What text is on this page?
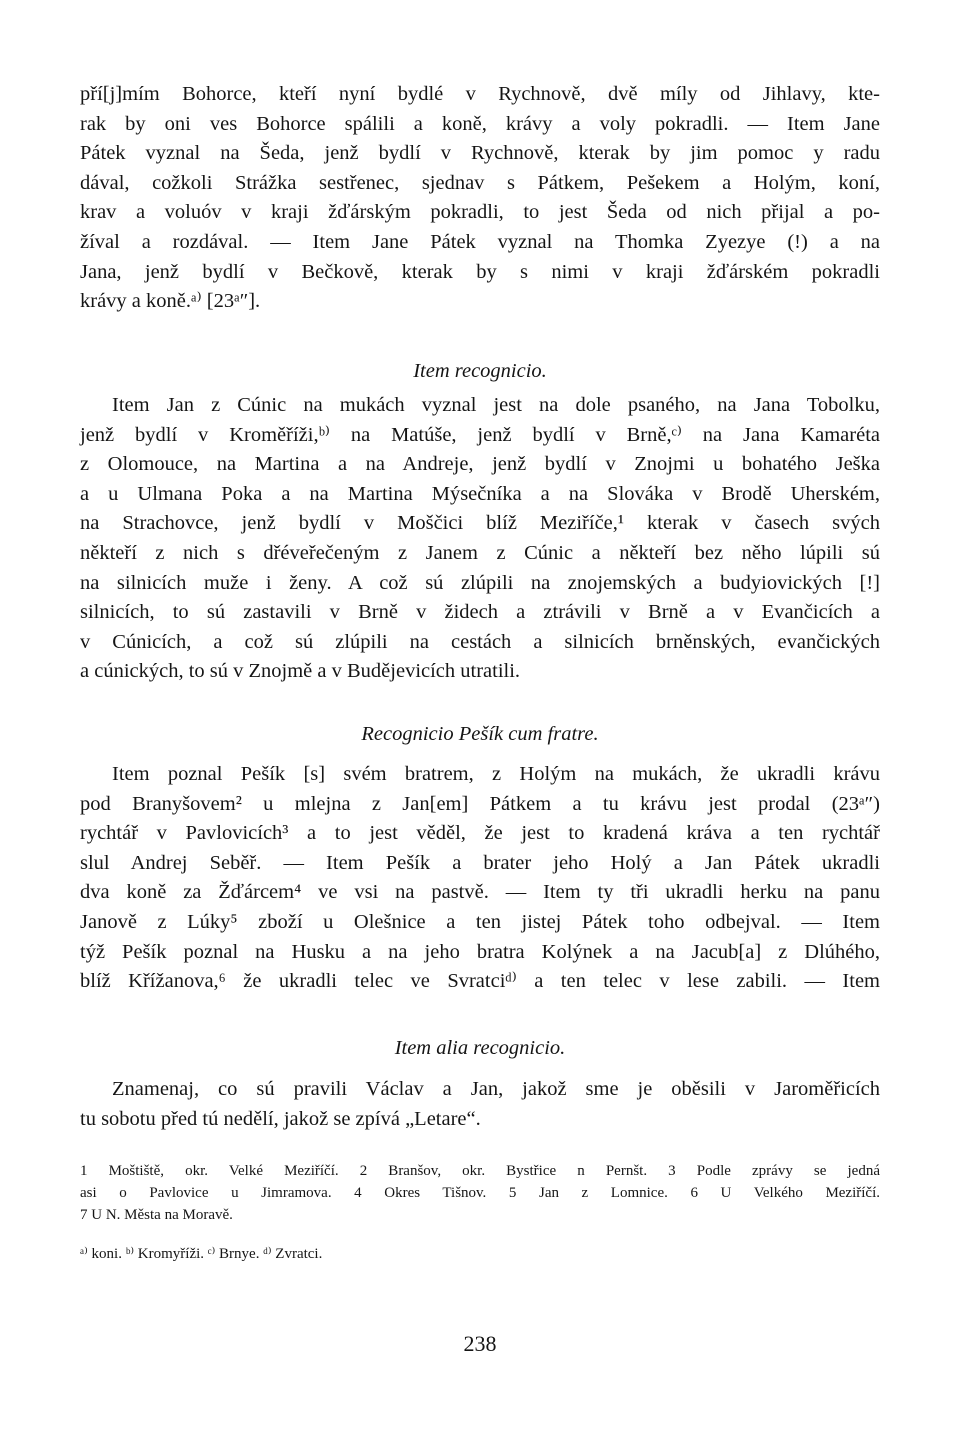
pří[j]mím Bohorce, kteří nyní bydlé v Rychnově, dvě míly od Jihlavy, kte-
rak by oni ves Bohorce spálili a koně, krávy a voly pokradli. — Item Jane
Pátek vyznal na Šeda, jenž bydlí v Rychnově, kterak by jim pomoc y radu
dával, cožkoli Strážka sestřenec, sjednav s Pátkem, Pešekem a Holým, koní,
krav a voluóv v kraji žďárským pokradli, to jest Šeda od nich přijal a po-
žíval a rozdával. — Item Jane Pátek vyznal na Thomka Zyezye (!) a na
Jana, jenž bydlí v Bečkově, kterak by s nimi v kraji žďárském pokradli
krávy a koně.ᵃ⁾ [23ᵃ″].
Item recognicio.
Item Jan z Cúnic na mukách vyznal jest na dole psaného, na Jana Tobolku,
jenž bydlí v Kroměříži,ᵇ⁾ na Matúše, jenž bydlí v Brně,ᶜ⁾ na Jana Kamaréta
z Olomouce, na Martina a na Andreje, jenž bydlí v Znojmi u bohatého Ješka
a u Ulmana Poka a na Martina Mýsečníka a na Slováka v Brodě Uherském,
na Strachovce, jenž bydlí v Moščici blíž Meziříče,¹ kterak v časech svých
někteří z nich s dřéveřečeným z Janem z Cúnic a někteří bez něho lúpili sú
na silnicích muže i ženy. A což sú zlúpili na znojemských a budyiovických [!]
silnicích, to sú zastavili v Brně v židech a ztrávili v Brně a v Evančicích a
v Cúnicích, a což sú zlúpili na cestách a silnicích brněnských, evančických
a cúnických, to sú v Znojmě a v Budějevicích utratili.
Recognicio Pešík cum fratre.
Item poznal Pešík [s] svém bratrem, z Holým na mukách, že ukradli krávu
pod Branyšovem² u mlejna z Jan[em] Pátkem a tu krávu jest prodal (23ᵃ″)
rychtář v Pavlovicích³ a to jest věděl, že jest to kradená kráva a ten rychtář
slul Andrej Seběř. — Item Pešík a brater jeho Holý a Jan Pátek ukradli
dva koně za Žďárcem⁴ ve vsi na pastvě. — Item ty tři ukradli herku na panu
Janově z Lúky⁵ zboží u Olešnice a ten jistej Pátek toho odbejval. — Item
týž Pešík poznal na Husku a na jeho bratra Kolýnek a na Jacub[a] z Dlúhého,
blíž Křížanova,⁶ že ukradli telec ve Svratciᵈ⁾ a ten telec v lese zabili. — Item
Item alia recognicio.
Znamenaj, co sú pravili Václav a Jan, jakož sme je oběsili v Jaroměřicích
tu sobotu před tú nedělí, jakož se zpívá „Letare“.
1 Moštiště, okr. Velké Meziříčí. 2 Branšov, okr. Bystřice n Pernšt. 3 Podle zprávy se jedná
asi o Pavlovice u Jimramova. 4 Okres Tišnov. 5 Jan z Lomnice. 6 U Velkého Meziříčí.
7 U N. Města na Moravě.
ᵃ⁾ koni. ᵇ⁾ Kromyříži. ᶜ⁾ Brnye. ᵈ⁾ Zvratci.
238
